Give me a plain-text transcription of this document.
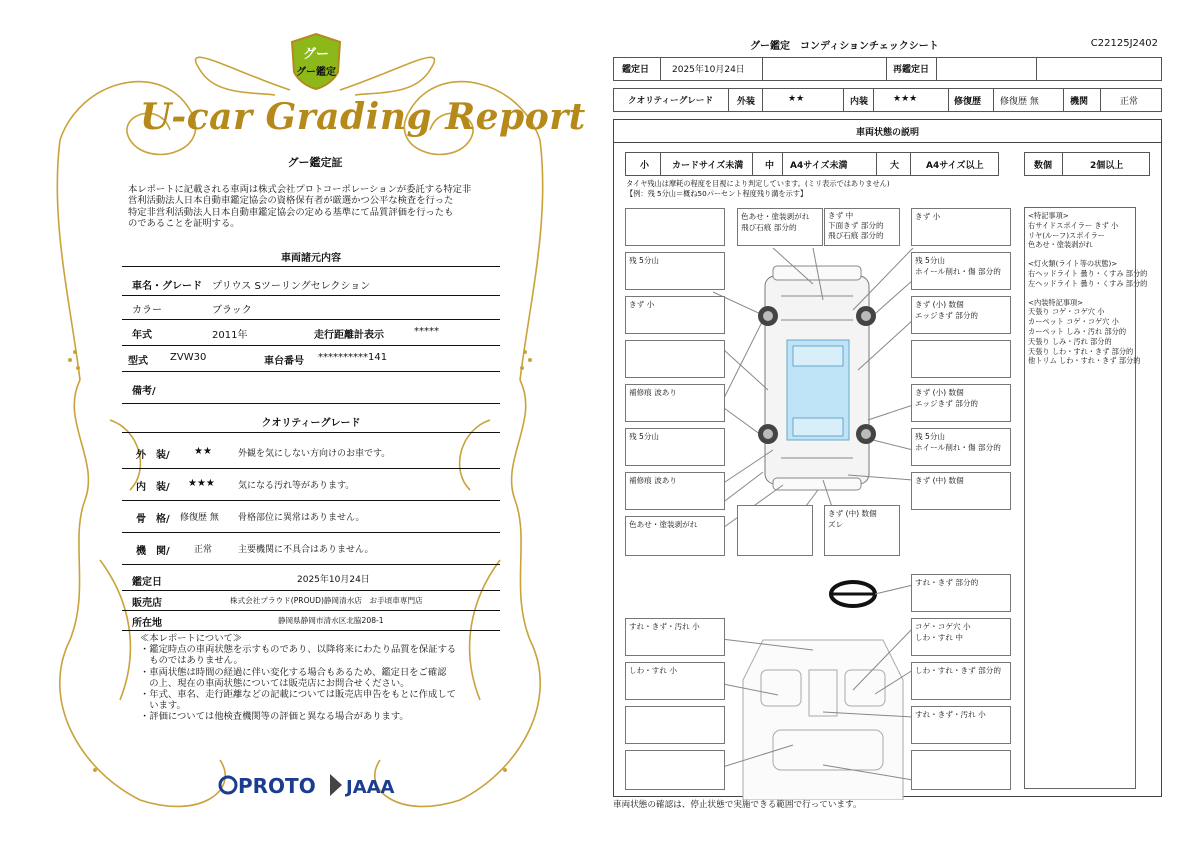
グー
グー鑑定
U-car Grading Report
グー鑑定証
本レポートに記載される車両は株式会社プロトコーポレーションが委託する特定非
営利活動法人日本自動車鑑定協会の資格保有者が厳選かつ公平な検査を行った
特定非営利活動法人日本自動車鑑定協会の定める基準にて品質評価を行ったも
のであることを証明する。
車両諸元内容
車名・グレード プリウス Sツーリングセレクション
カラー	ブラック
年式	2011年	走行距離計表示	*****
型式 ZVW30	車台番号 **********141
備考/
クオリティーグレード
外　装/ ★★	外観を気にしない方向けのお車です。
内　装/ ★★★	気になる汚れ等があります。
骨　格/ 修復歴 無 骨格部位に異常はありません。
機　関/	正常	主要機関に不具合はありません。
鑑定日	2025年10月24日
販売店	株式会社プラウド(PROUD)静岡清水店　お手頃車専門店
所在地	静岡県静岡市清水区北脇208-1
≪本レポートについて≫
・鑑定時点の車両状態を示すものであり、以降将来にわたり品質を保証する
　ものではありません。
・車両状態は時間の経過に伴い変化する場合もあるため、鑑定日をご確認
　の上、現在の車両状態については販売店にお問合せください。
・年式、車名、走行距離などの記載については販売店申告をもとに作成して
　います。
・評価については他検査機関等の評価と異なる場合があります。
PROTO JAAA
グー鑑定　コンディションチェックシート	C22125J2402
鑑定日	2025年10月24日	再鑑定日
クオリティーグレード	外装	★★	内装	★★★	修復歴 修復歴 無	機関	正常
車両状態の説明
小	カードサイズ未満 中 A4サイズ未満	大	A4サイズ以上	数個	2個以上
タイヤ残山は摩耗の程度を目視により判定しています。(ミリ表示ではありません)
【例：残 5分山＝概ね50パーセント程度残り溝を示す】
残 5分山
きず 小
補修痕 波あり
残 5分山
補修痕 波あり
色あせ・塗装剥がれ
色あせ・塗装剥がれ
飛び石痕 部分的
きず 中
下面きず 部分的
飛び石痕 部分的
きず 小
残 5分山
ホイール削れ・傷 部分的
きず (小) 数個
エッジきず 部分的
きず (小) 数個
エッジきず 部分的
残 5分山
ホイール削れ・傷 部分的
きず (中) 数個
きず (中) 数個
ズレ
すれ・きず・汚れ 小
しわ・すれ 小
すれ・きず 部分的
コゲ・コゲ穴 小
しわ・すれ 中
しわ・すれ・きず 部分的
すれ・きず・汚れ 小
<特記事項>
右サイドスポイラー きず 小
リヤ(ルーフ)スポイラー
色あせ・塗装剥がれ
<灯火類(ライト等の状態)>
右ヘッドライト 曇り・くすみ 部分的
左ヘッドライト 曇り・くすみ 部分的
<内装特記事項>
天張り コゲ・コゲ穴 小
カーペット コゲ・コゲ穴 小
カーペット しみ・汚れ 部分的
天張り しみ・汚れ 部分的
天張り しわ・すれ・きず 部分的
他トリム しわ・すれ・きず 部分的
車両状態の確認は、停止状態で実施できる範囲で行っています。
